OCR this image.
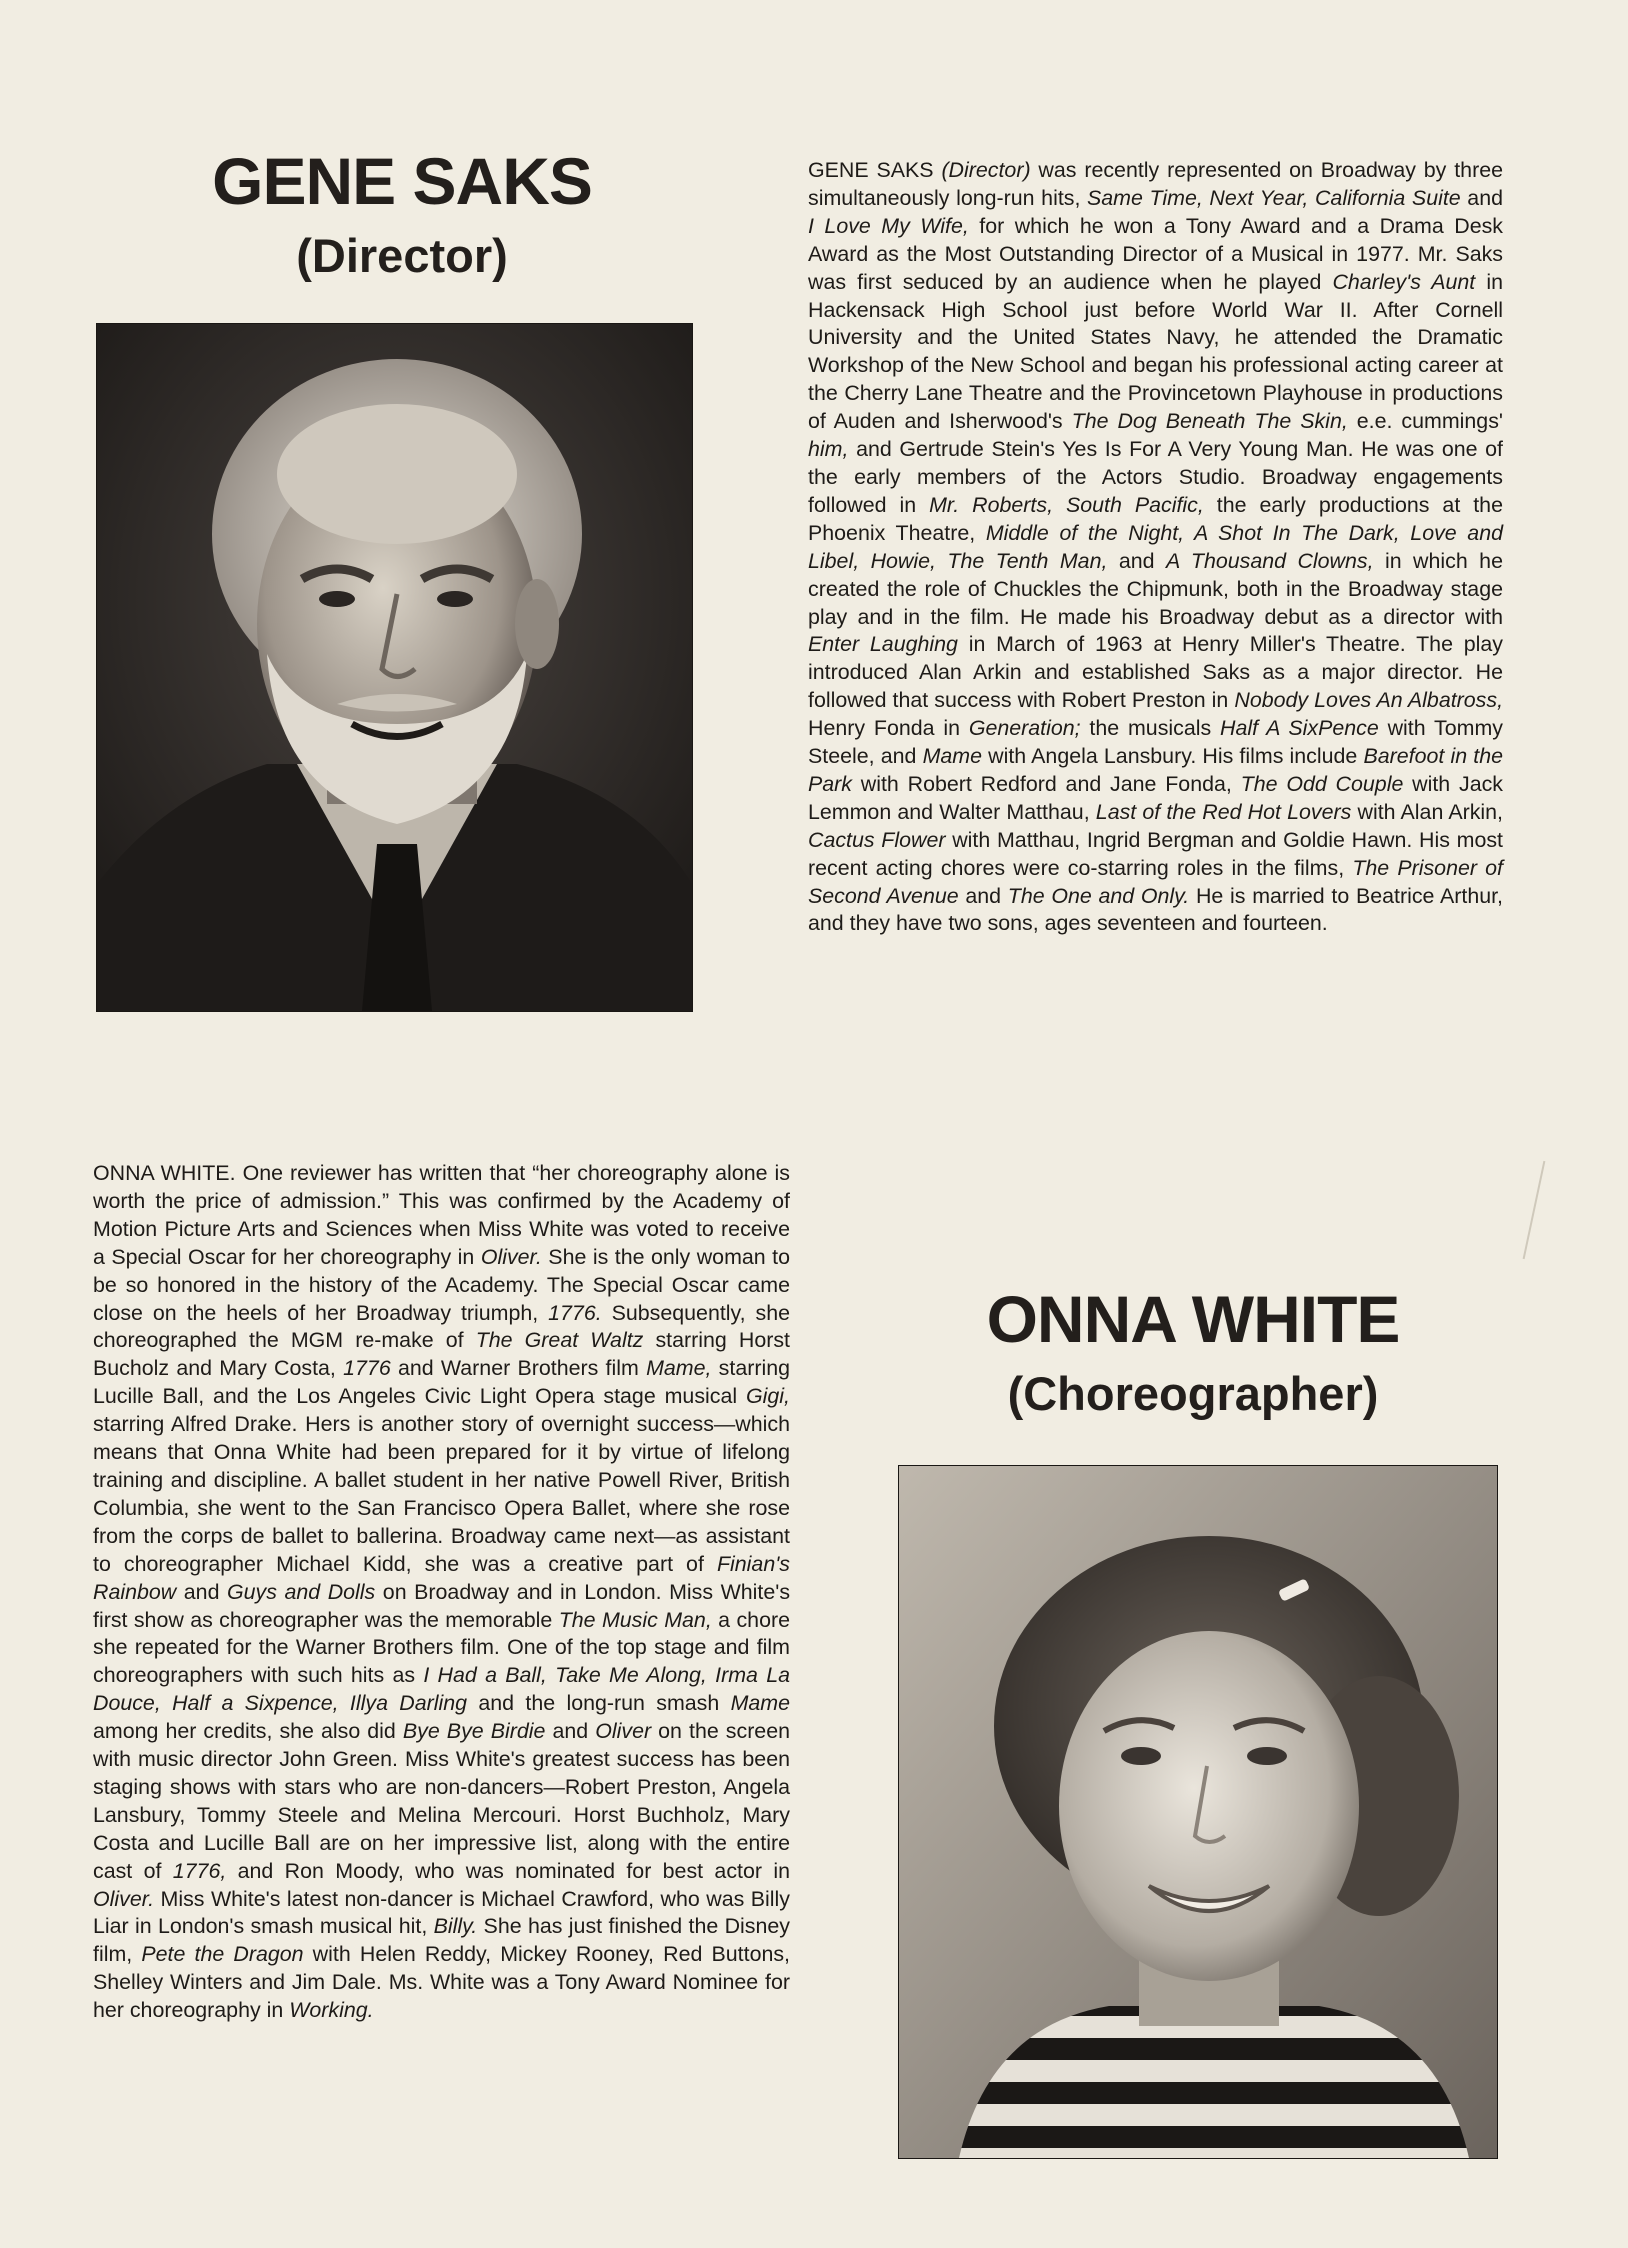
GENE SAKS
(Director)

GENE SAKS (Director) was recently represented on Broadway by three simultaneously long-run hits, Same Time, Next Year, California Suite and I Love My Wife, for which he won a Tony Award and a Drama Desk Award as the Most Outstanding Director of a Musical in 1977. Mr. Saks was first seduced by an audience when he played Charley's Aunt in Hackensack High School just before World War II. After Cornell University and the United States Navy, he attended the Dramatic Workshop of the New School and began his professional acting career at the Cherry Lane Theatre and the Provincetown Playhouse in productions of Auden and Isherwood's The Dog Beneath The Skin, e.e. cummings' him, and Gertrude Stein's Yes Is For A Very Young Man. He was one of the early members of the Actors Studio. Broadway engagements followed in Mr. Roberts, South Pacific, the early productions at the Phoenix Theatre, Middle of the Night, A Shot In The Dark, Love and Libel, Howie, The Tenth Man, and A Thousand Clowns, in which he created the role of Chuckles the Chipmunk, both in the Broadway stage play and in the film. He made his Broadway debut as a director with Enter Laughing in March of 1963 at Henry Miller's Theatre. The play introduced Alan Arkin and established Saks as a major director. He followed that success with Robert Preston in Nobody Loves An Albatross, Henry Fonda in Generation; the musicals Half A SixPence with Tommy Steele, and Mame with Angela Lansbury. His films include Barefoot in the Park with Robert Redford and Jane Fonda, The Odd Couple with Jack Lemmon and Walter Matthau, Last of the Red Hot Lovers with Alan Arkin, Cactus Flower with Matthau, Ingrid Bergman and Goldie Hawn. His most recent acting chores were co-starring roles in the films, The Prisoner of Second Avenue and The One and Only. He is married to Beatrice Arthur, and they have two sons, ages seventeen and fourteen.

ONNA WHITE. One reviewer has written that “her choreography alone is worth the price of admission.” This was confirmed by the Academy of Motion Picture Arts and Sciences when Miss White was voted to receive a Special Oscar for her choreography in Oliver. She is the only woman to be so honored in the history of the Academy. The Special Oscar came close on the heels of her Broadway triumph, 1776. Subsequently, she choreographed the MGM re-make of The Great Waltz starring Horst Bucholz and Mary Costa, 1776 and Warner Brothers film Mame, starring Lucille Ball, and the Los Angeles Civic Light Opera stage musical Gigi, starring Alfred Drake. Hers is another story of overnight success—which means that Onna White had been prepared for it by virtue of lifelong training and discipline. A ballet student in her native Powell River, British Columbia, she went to the San Francisco Opera Ballet, where she rose from the corps de ballet to ballerina. Broadway came next—as assistant to choreographer Michael Kidd, she was a creative part of Finian's Rainbow and Guys and Dolls on Broadway and in London. Miss White's first show as choreographer was the memorable The Music Man, a chore she repeated for the Warner Brothers film. One of the top stage and film choreographers with such hits as I Had a Ball, Take Me Along, Irma La Douce, Half a Sixpence, Illya Darling and the long-run smash Mame among her credits, she also did Bye Bye Birdie and Oliver on the screen with music director John Green. Miss White's greatest success has been staging shows with stars who are non-dancers—Robert Preston, Angela Lansbury, Tommy Steele and Melina Mercouri. Horst Buchholz, Mary Costa and Lucille Ball are on her impressive list, along with the entire cast of 1776, and Ron Moody, who was nominated for best actor in Oliver. Miss White's latest non-dancer is Michael Crawford, who was Billy Liar in London's smash musical hit, Billy. She has just finished the Disney film, Pete the Dragon with Helen Reddy, Mickey Rooney, Red Buttons, Shelley Winters and Jim Dale. Ms. White was a Tony Award Nominee for her choreography in Working.

ONNA WHITE
(Choreographer)
